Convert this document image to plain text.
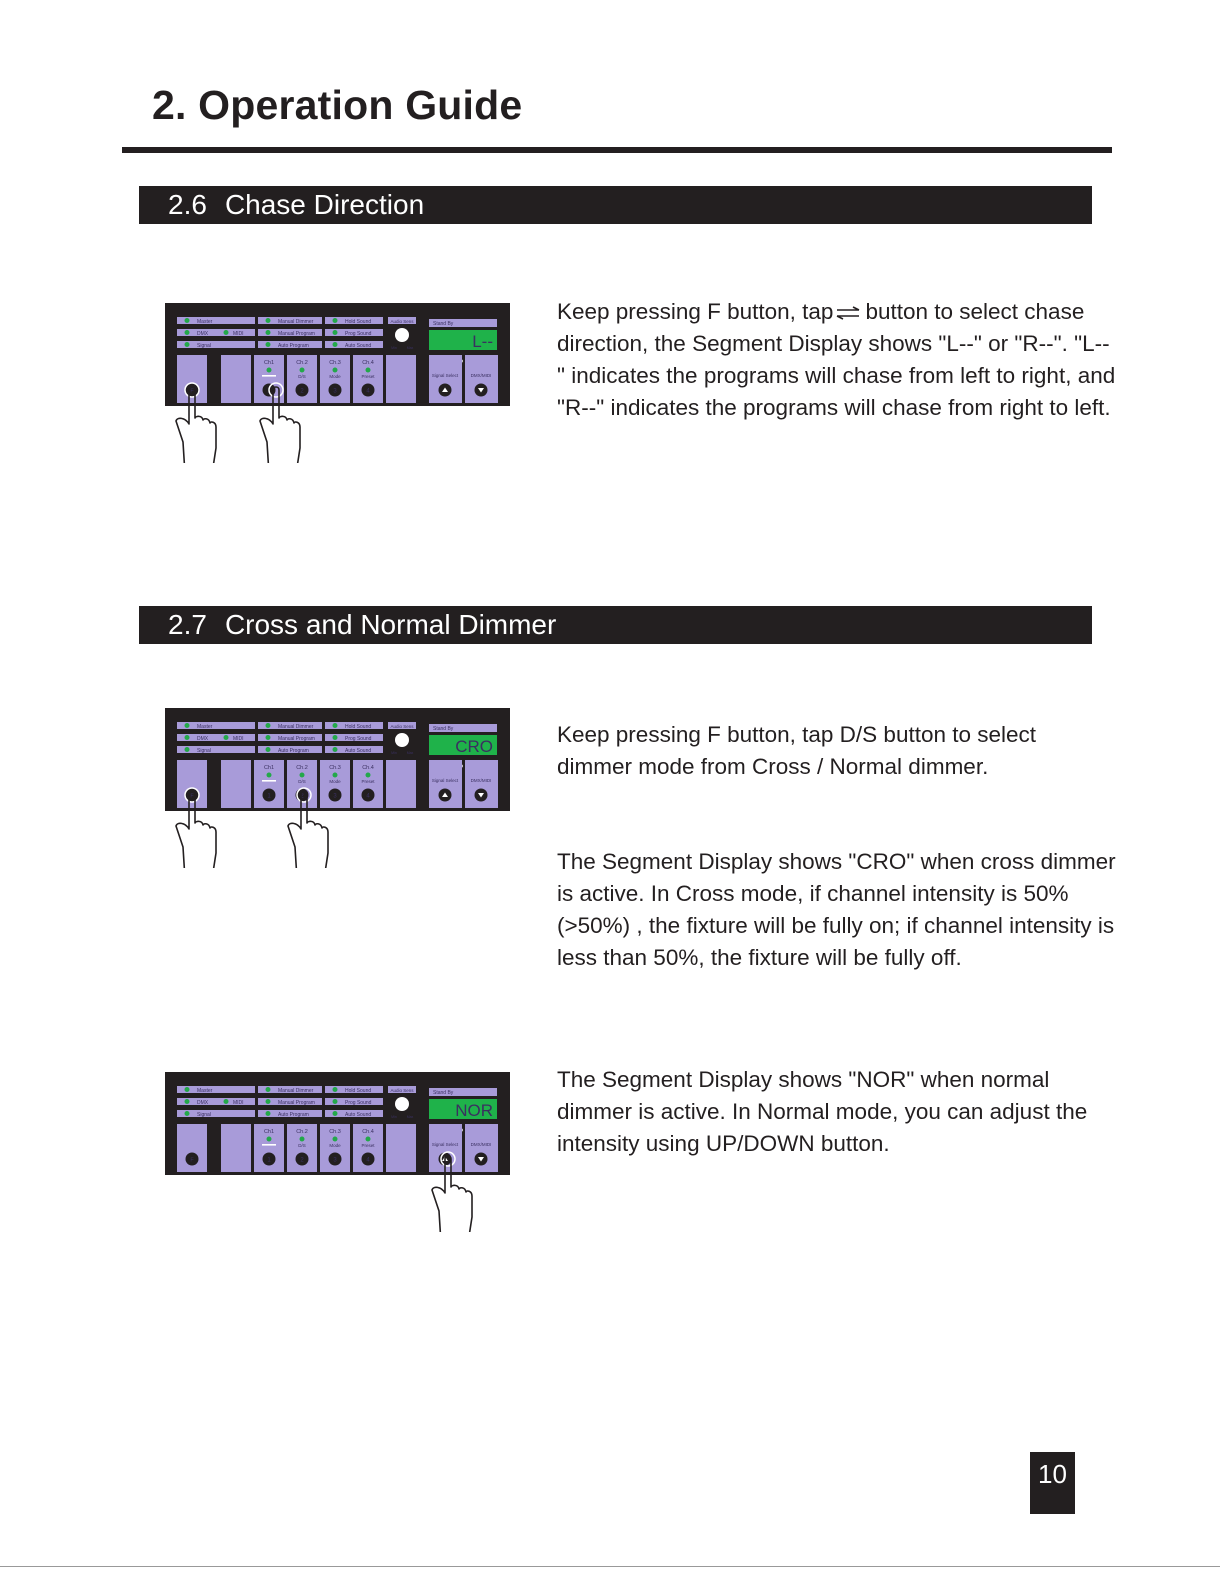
2. Operation Guide
2.6 Chase Direction
Master
DMX
Signal
Manual Dimmer
Manual Program
Auto Program
Hold Sound
Prog Sound
Auto Sound
MIDI
Audio Sens
Min	Max
Stand By
L--
Ch1
1
Ch.2
D/S
2
Ch.3
Mode
3
Ch.4
Preset
4
F
Signal Select	DMX/MIDI

Keep pressing F button, tap button to select chase direction, the Segment Display shows "L--" or "R--". "L--" indicates the programs will chase from left to right, and "R--" indicates the programs will chase from right to left.

2.7 Cross and Normal Dimmer
Master
DMX
Signal
Manual Dimmer
Manual Program
Auto Program
Hold Sound
Prog Sound
Auto Sound
MIDI
Audio Sens
Min	Max
Stand By
CRO
Ch1
1
Ch.2
D/S
2
Ch.3
Mode
3
Ch.4
Preset
4
F
Signal Select	DMX/MIDI

Keep pressing F button, tap D/S button to select dimmer mode from Cross / Normal dimmer.

The Segment Display shows "CRO" when cross dimmer is active. In Cross mode, if channel intensity is 50%(>50%) , the fixture will be fully on; if channel intensity is less than 50%, the fixture will be fully off.

Master
DMX
Signal
Manual Dimmer
Manual Program
Auto Program
Hold Sound
Prog Sound
Auto Sound
MIDI
Audio Sens
Min	Max
Stand By
NOR
Ch1
1
Ch.2
D/S
2
Ch.3
Mode
3
Ch.4
Preset
4
F
Signal Select	DMX/MIDI

The Segment Display shows "NOR" when normal dimmer is active. In Normal mode, you can adjust the intensity using UP/DOWN button.

10
